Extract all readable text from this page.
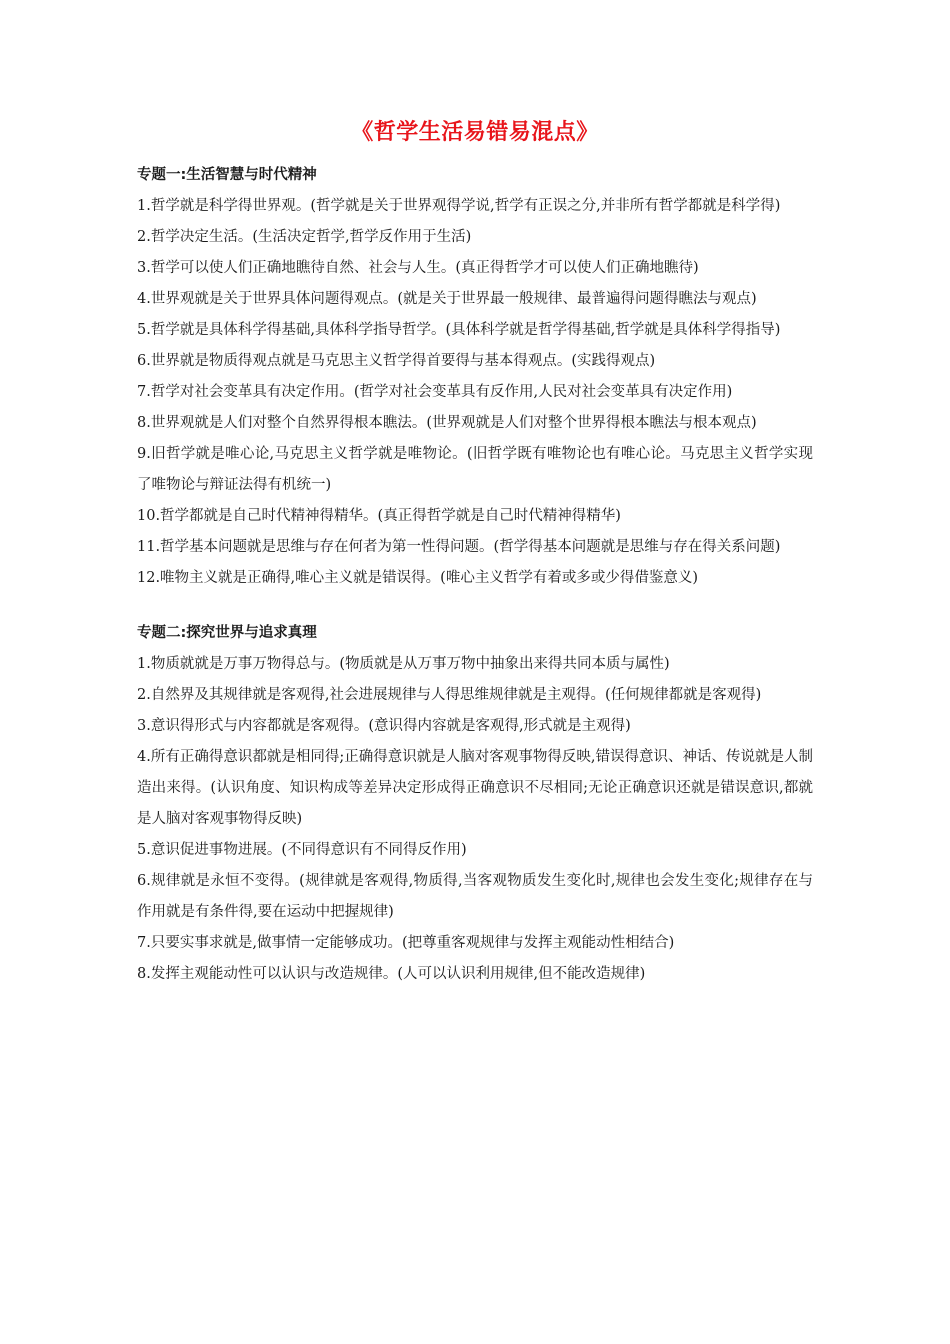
《哲学生活易错易混点》

专题一:生活智慧与时代精神

1.哲学就是科学得世界观。(哲学就是关于世界观得学说,哲学有正误之分,并非所有哲学都就是科学得)

2.哲学决定生活。(生活决定哲学,哲学反作用于生活)

3.哲学可以使人们正确地瞧待自然、社会与人生。(真正得哲学才可以使人们正确地瞧待)

4.世界观就是关于世界具体问题得观点。(就是关于世界最一般规律、最普遍得问题得瞧法与观点)

5.哲学就是具体科学得基础,具体科学指导哲学。(具体科学就是哲学得基础,哲学就是具体科学得指导)

6.世界就是物质得观点就是马克思主义哲学得首要得与基本得观点。(实践得观点)

7.哲学对社会变革具有决定作用。(哲学对社会变革具有反作用,人民对社会变革具有决定作用)

8.世界观就是人们对整个自然界得根本瞧法。(世界观就是人们对整个世界得根本瞧法与根本观点)

9.旧哲学就是唯心论,马克思主义哲学就是唯物论。(旧哲学既有唯物论也有唯心论。马克思主义哲学实现了唯物论与辩证法得有机统一)

10.哲学都就是自己时代精神得精华。(真正得哲学就是自己时代精神得精华)

11.哲学基本问题就是思维与存在何者为第一性得问题。(哲学得基本问题就是思维与存在得关系问题)

12.唯物主义就是正确得,唯心主义就是错误得。(唯心主义哲学有着或多或少得借鉴意义)

专题二:探究世界与追求真理

1.物质就就是万事万物得总与。(物质就是从万事万物中抽象出来得共同本质与属性)

2.自然界及其规律就是客观得,社会进展规律与人得思维规律就是主观得。(任何规律都就是客观得)

3.意识得形式与内容都就是客观得。(意识得内容就是客观得,形式就是主观得)

4.所有正确得意识都就是相同得;正确得意识就是人脑对客观事物得反映,错误得意识、神话、传说就是人制造出来得。(认识角度、知识构成等差异决定形成得正确意识不尽相同;无论正确意识还就是错误意识,都就是人脑对客观事物得反映)

5.意识促进事物进展。(不同得意识有不同得反作用)

6.规律就是永恒不变得。(规律就是客观得,物质得,当客观物质发生变化时,规律也会发生变化;规律存在与作用就是有条件得,要在运动中把握规律)

7.只要实事求就是,做事情一定能够成功。(把尊重客观规律与发挥主观能动性相结合)

8.发挥主观能动性可以认识与改造规律。(人可以认识利用规律,但不能改造规律)
